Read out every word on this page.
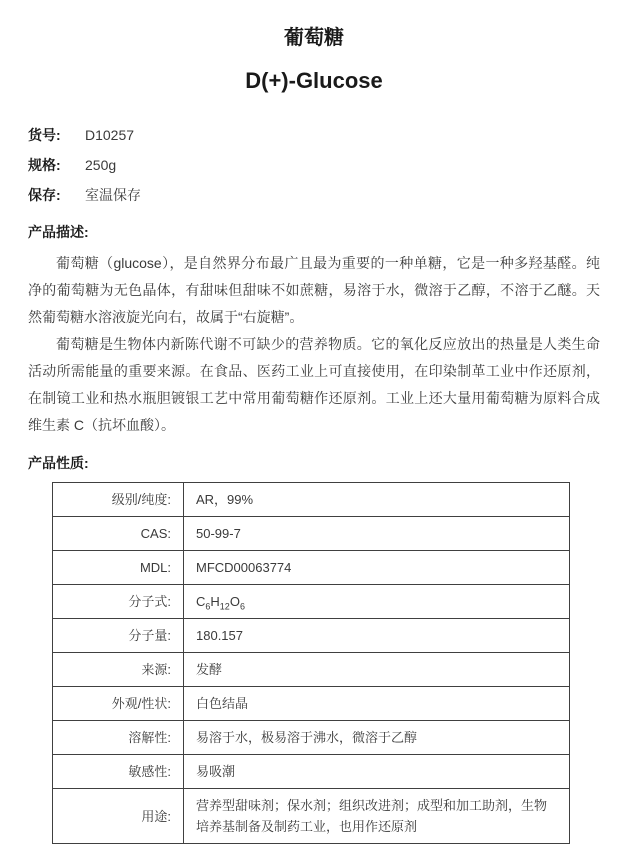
葡萄糖
D(+)-Glucose
货号:	D10257
规格:	250g
保存:	室温保存
产品描述:

葡萄糖（glucose），是自然界分布最广且最为重要的一种单糖，它是一种多羟基醛。纯净的葡萄糖为无色晶体，有甜味但甜味不如蔗糖，易溶于水，微溶于乙醇，不溶于乙醚。天然葡萄糖水溶液旋光向右，故属于“右旋糖”。

葡萄糖是生物体内新陈代谢不可缺少的营养物质。它的氧化反应放出的热量是人类生命活动所需能量的重要来源。在食品、医药工业上可直接使用，在印染制革工业中作还原剂，在制镜工业和热水瓶胆镀银工艺中常用葡萄糖作还原剂。工业上还大量用葡萄糖为原料合成维生素 C（抗坏血酸）。

产品性质:
级别/纯度:	AR，99%
CAS:	50-99-7
MDL:	MFCD00063774
分子式:	$C_6H_{12}O_6$
分子量:	180.157
来源:	发酵
外观/性状:	白色结晶
溶解性:	易溶于水，极易溶于沸水，微溶于乙醇
敏感性:	易吸潮
用途:	营养型甜味剂；保水剂；组织改进剂；成型和加工助剂，生物培养基制备及制药工业，也用作还原剂
